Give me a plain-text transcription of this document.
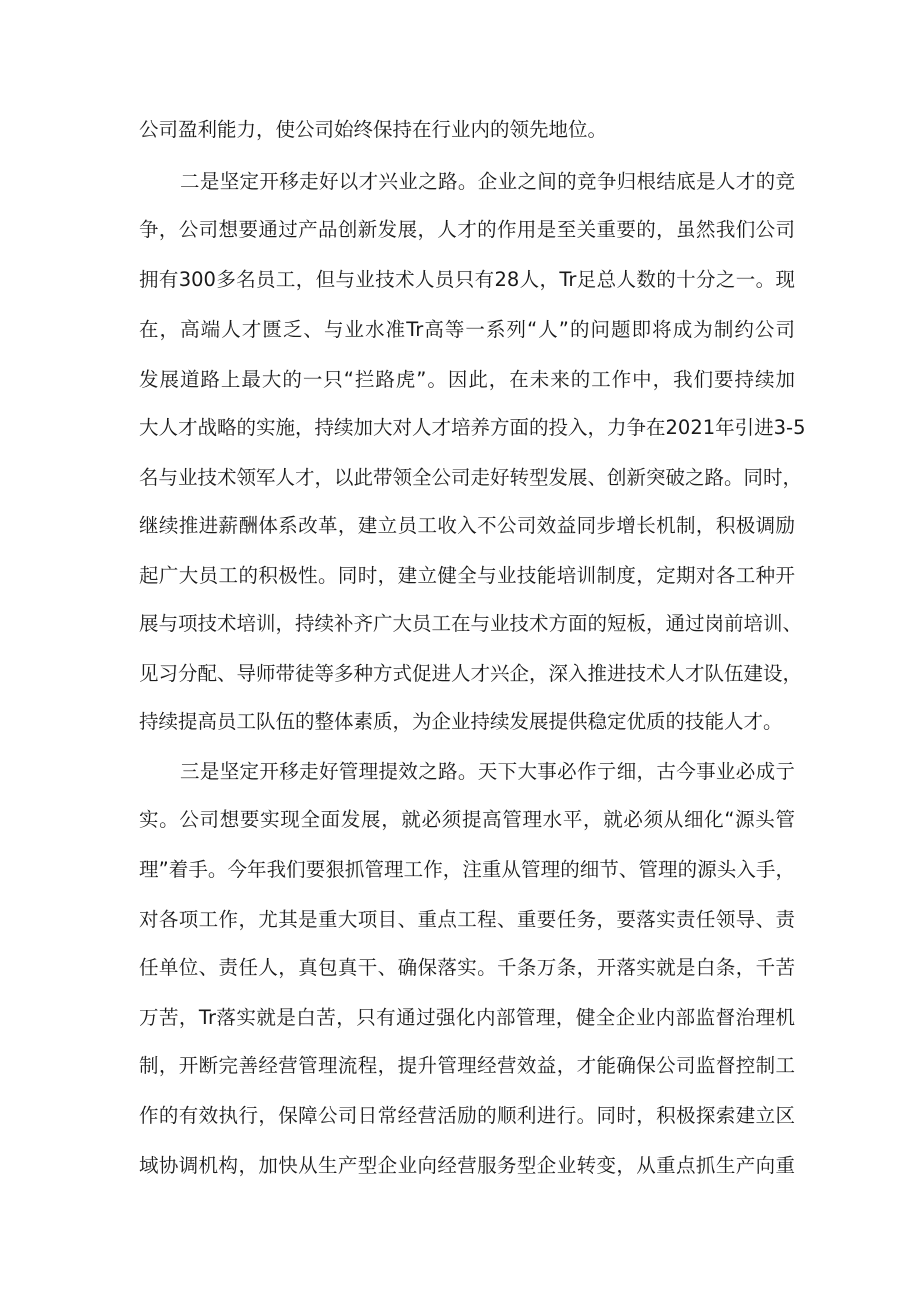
公司盈利能力，使公司始终保持在行业内的领先地位。
二是坚定开移走好以才兴业之路。企业之间的竞争归根结底是人才的竞
争，公司想要通过产品创新发展，人才的作用是至关重要的，虽然我们公司
拥有300多名员工，但与业技术人员只有28人，Tr足总人数的十分之一。现
在，高端人才匮乏、与业水准Tr高等一系列“人”的问题即将成为制约公司
发展道路上最大的一只“拦路虎”。因此，在未来的工作中，我们要持续加
大人才战略的实施，持续加大对人才培养方面的投入，力争在2021年引进3-5
名与业技术领军人才，以此带领全公司走好转型发展、创新突破之路。同时，
继续推进薪酬体系改革，建立员工收入不公司效益同步增长机制，积极调励
起广大员工的积极性。同时，建立健全与业技能培训制度，定期对各工种开
展与项技术培训，持续补齐广大员工在与业技术方面的短板，通过岗前培训、
见习分配、导师带徒等多种方式促进人才兴企，深入推进技术人才队伍建设，
持续提高员工队伍的整体素质，为企业持续发展提供稳定优质的技能人才。
三是坚定开移走好管理提效之路。天下大事必作亍细，古今事业必成亍
实。公司想要实现全面发展，就必须提高管理水平，就必须从细化“源头管
理”着手。今年我们要狠抓管理工作，注重从管理的细节、管理的源头入手，
对各项工作，尤其是重大项目、重点工程、重要任务，要落实责任领导、责
任单位、责任人，真包真干、确保落实。千条万条，开落实就是白条，千苦
万苦，Tr落实就是白苦，只有通过强化内部管理，健全企业内部监督治理机
制，开断完善经营管理流程，提升管理经营效益，才能确保公司监督控制工
作的有效执行，保障公司日常经营活励的顺利进行。同时，积极探索建立区
域协调机构，加快从生产型企业向经营服务型企业转变，从重点抓生产向重
